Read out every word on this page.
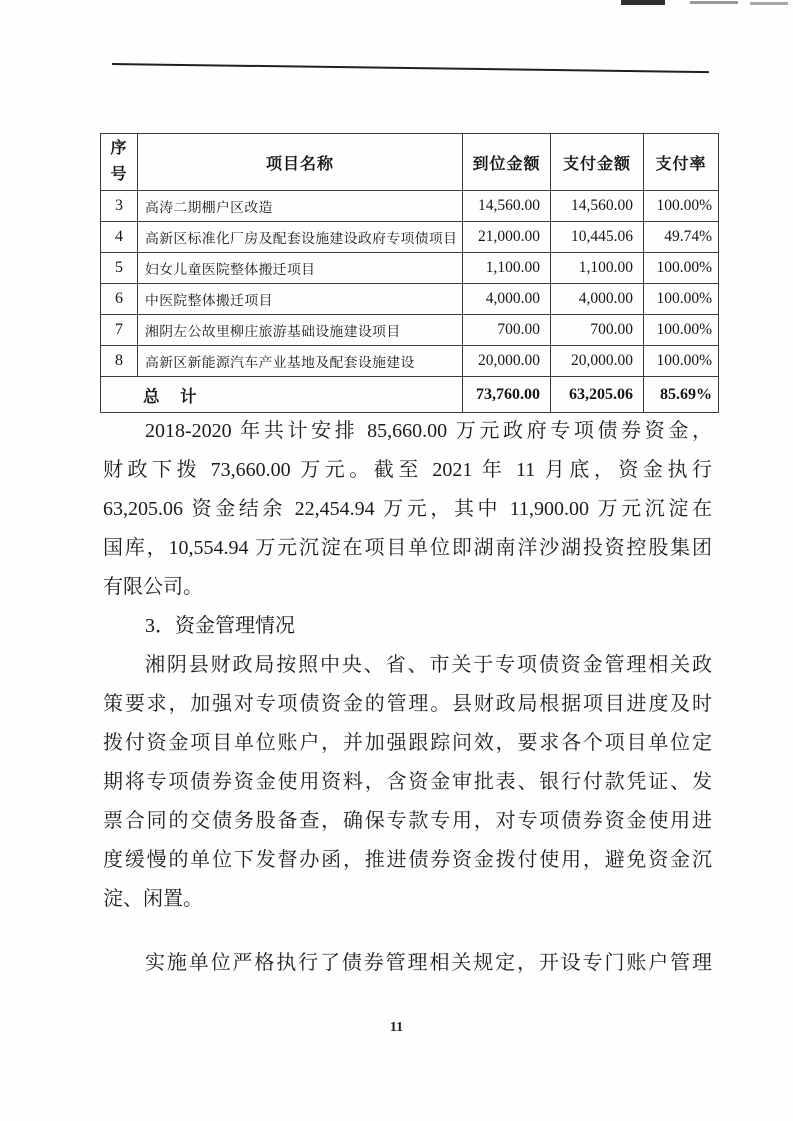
序号	项目名称	到位金额	支付金额	支付率
3	高涛二期棚户区改造	14,560.00	14,560.00	100.00%
4	高新区标准化厂房及配套设施建设政府专项债项目	21,000.00	10,445.06	49.74%
5	妇女儿童医院整体搬迁项目	1,100.00	1,100.00	100.00%
6	中医院整体搬迁项目	4,000.00	4,000.00	100.00%
7	湘阴左公故里柳庄旅游基础设施建设项目	700.00	700.00	100.00%
8	高新区新能源汽车产业基地及配套设施建设	20,000.00	20,000.00	100.00%
总　计		73,760.00	63,205.06	85.69%
2018-2020 年共计安排 85,660.00 万元政府专项债券资金，
财政下拨 73,660.00 万元。截至 2021 年 11 月底，资金执行
63,205.06 资金结余 22,454.94 万元，其中 11,900.00 万元沉淀在
国库，10,554.94 万元沉淀在项目单位即湖南洋沙湖投资控股集团
有限公司。
3．资金管理情况
湘阴县财政局按照中央、省、市关于专项债资金管理相关政
策要求，加强对专项债资金的管理。县财政局根据项目进度及时
拨付资金项目单位账户，并加强跟踪问效，要求各个项目单位定
期将专项债券资金使用资料，含资金审批表、银行付款凭证、发
票合同的交债务股备查，确保专款专用，对专项债券资金使用进
度缓慢的单位下发督办函，推进债券资金拨付使用，避免资金沉
淀、闲置。
实施单位严格执行了债券管理相关规定，开设专门账户管理
11
